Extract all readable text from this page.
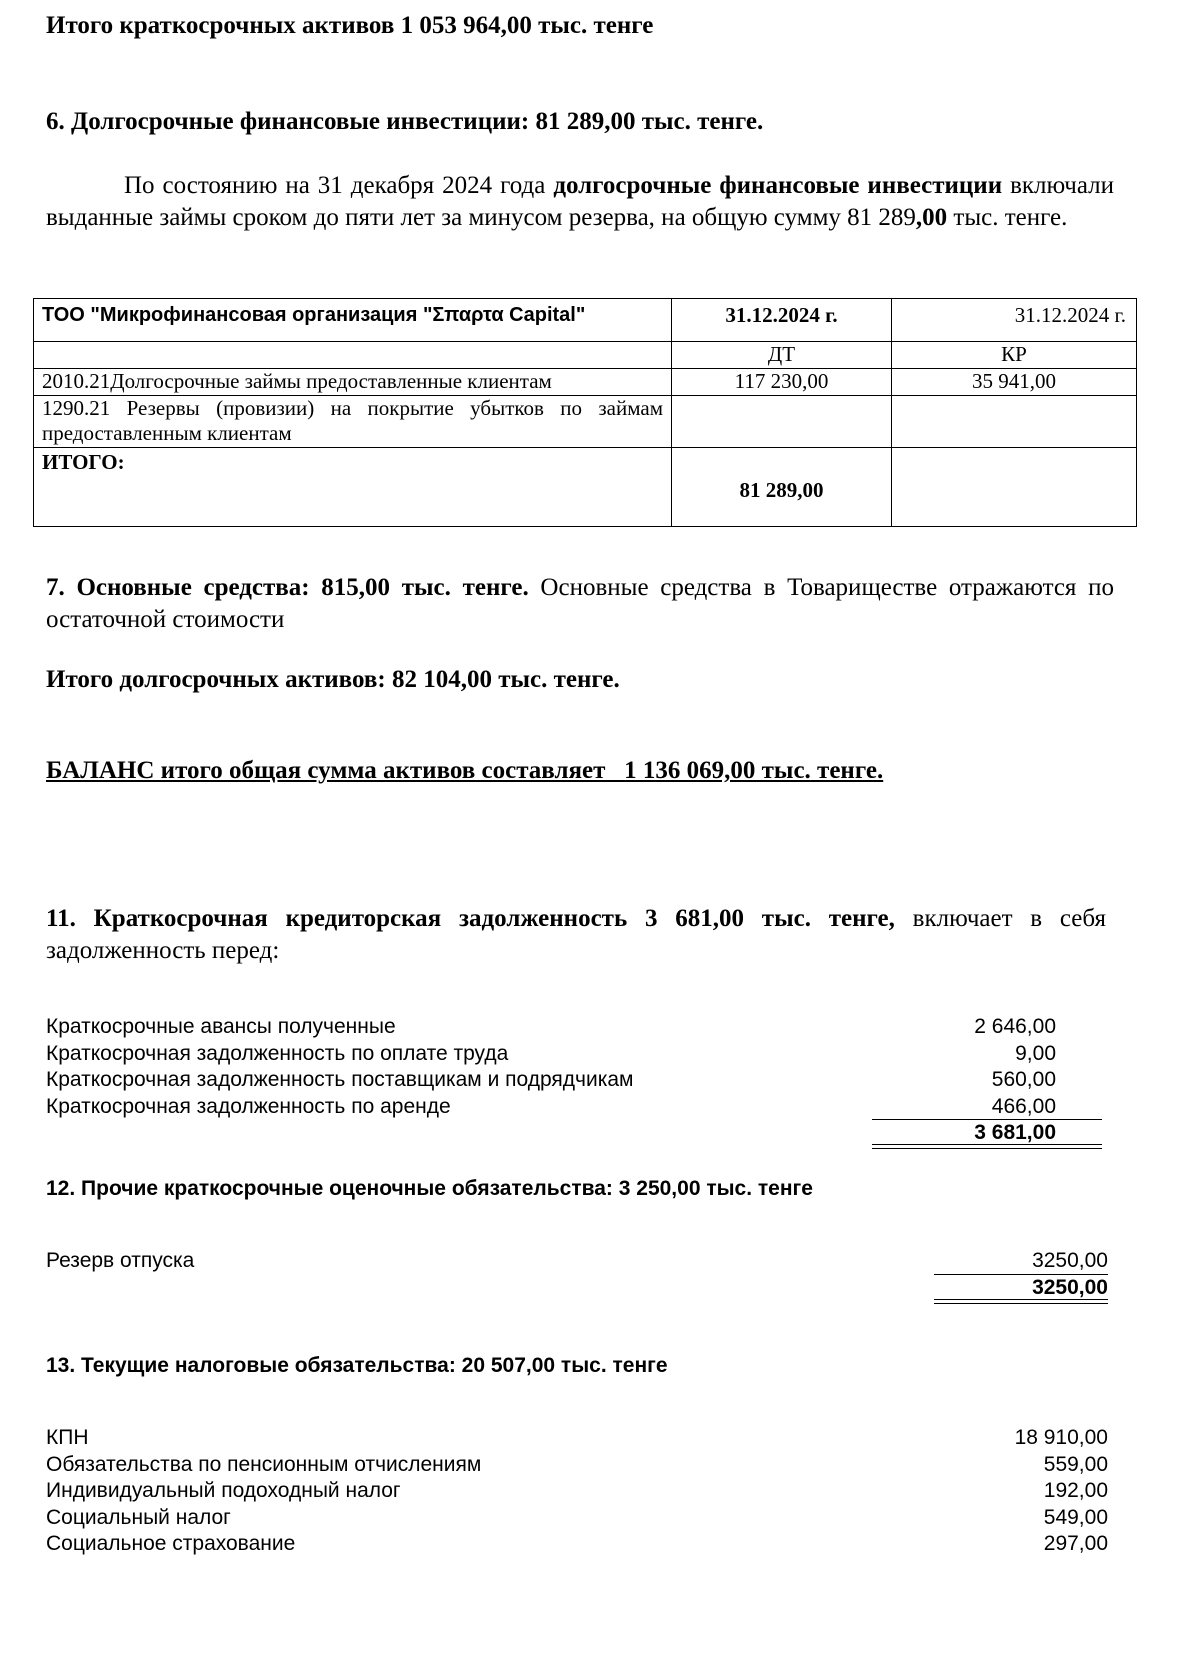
Итого краткосрочных активов 1 053 964,00 тыс. тенге
6. Долгосрочные финансовые инвестиции: 81 289,00 тыс. тенге.
По состоянию на 31 декабря 2024 года долгосрочные финансовые инвестиции включали выданные займы сроком до пяти лет за минусом резерва, на общую сумму 81 289,00 тыс. тенге.
ТОО "Микрофинансовая организация "Σπαρτα Capital"	31.12.2024 г.	31.12.2024 г.
	ДТ	КР
2010.21Долгосрочные займы предоставленные клиентам	117 230,00	35 941,00
1290.21 Резервы (провизии) на покрытие убытков по займам предоставленным клиентам		
ИТОГО:	81 289,00	
7. Основные средства: 815,00 тыс. тенге. Основные средства в Товариществе отражаются по остаточной стоимости
Итого долгосрочных активов: 82 104,00 тыс. тенге.
БАЛАНС итого общая сумма активов составляет   1 136 069,00 тыс. тенге.
11. Краткосрочная кредиторская задолженность 3 681,00 тыс. тенге, включает в себя задолженность перед:
Краткосрочные авансы полученные	2 646,00
Краткосрочная задолженность по оплате труда	9,00
Краткосрочная задолженность поставщикам и подрядчикам	560,00
Краткосрочная задолженность по аренде	466,00
3 681,00
12. Прочие краткосрочные оценочные обязательства: 3 250,00 тыс. тенге
Резерв отпуска	3250,00
3250,00
13. Текущие налоговые обязательства: 20 507,00 тыс. тенге
КПН	18 910,00
Обязательства по пенсионным отчислениям	559,00
Индивидуальный подоходный налог	192,00
Социальный налог	549,00
Социальное страхование	297,00
